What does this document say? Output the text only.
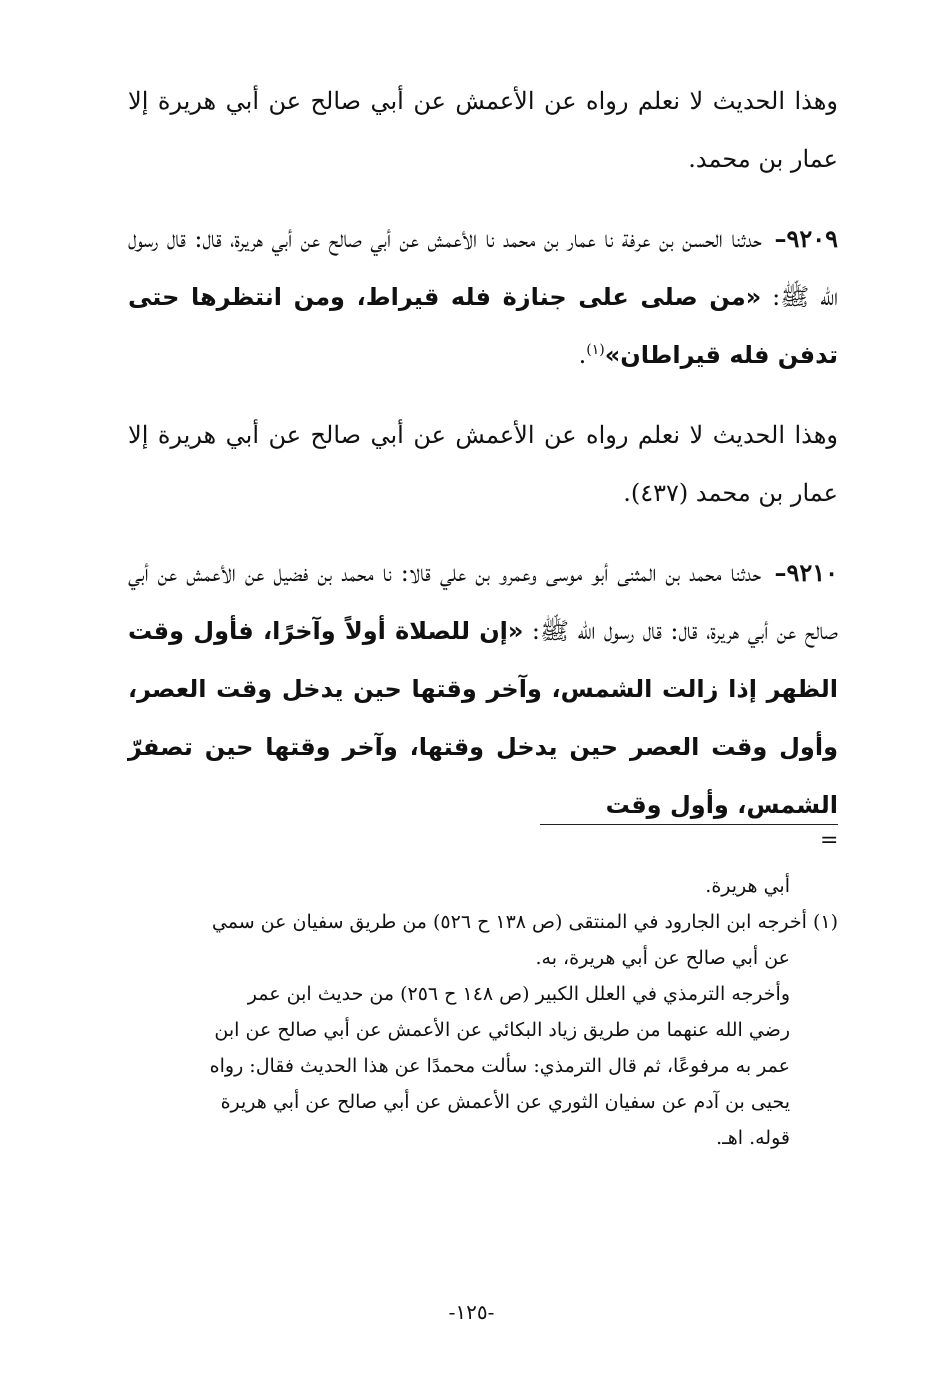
وهذا الحديث لا نعلم رواه عن الأعمش عن أبي صالح عن أبي هريرة إلا عمار بن محمد.

٩٢٠٩– حدثنا الحسن بن عرفة نا عمار بن محمد نا الأعمش عن أبي صالح عن أبي هريرة، قال: قال رسول الله ﷺ: «من صلى على جنازة فله قيراط، ومن انتظرها حتى تدفن فله قيراطان»$^{(١)}$.

وهذا الحديث لا نعلم رواه عن الأعمش عن أبي صالح عن أبي هريرة إلا عمار بن محمد (٤٣٧).

٩٢١٠– حدثنا محمد بن المثنى أبو موسى وعمرو بن علي قالا: نا محمد بن فضيل عن الأعمش عن أبي صالح عن أبي هريرة، قال: قال رسول الله ﷺ: «إن للصلاة أولاً وآخرًا، فأول وقت الظهر إذا زالت الشمس، وآخر وقتها حين يدخل وقت العصر، وأول وقت العصر حين يدخل وقتها، وآخر وقتها حين تصفرّ الشمس، وأول وقت

=

أبي هريرة.

(١)أخرجه ابن الجارود في المنتقى (ص ١٣٨ ح ٥٢٦) من طريق سفيان عن سمي

عن أبي صالح عن أبي هريرة، به.

وأخرجه الترمذي في العلل الكبير (ص ١٤٨ ح ٢٥٦) من حديث ابن عمر

رضي الله عنهما من طريق زياد البكائي عن الأعمش عن أبي صالح عن ابن

عمر به مرفوعًا، ثم قال الترمذي: سألت محمدًا عن هذا الحديث فقال: رواه

يحيى بن آدم عن سفيان الثوري عن الأعمش عن أبي صالح عن أبي هريرة

قوله. اهـ.

-١٢٥-
